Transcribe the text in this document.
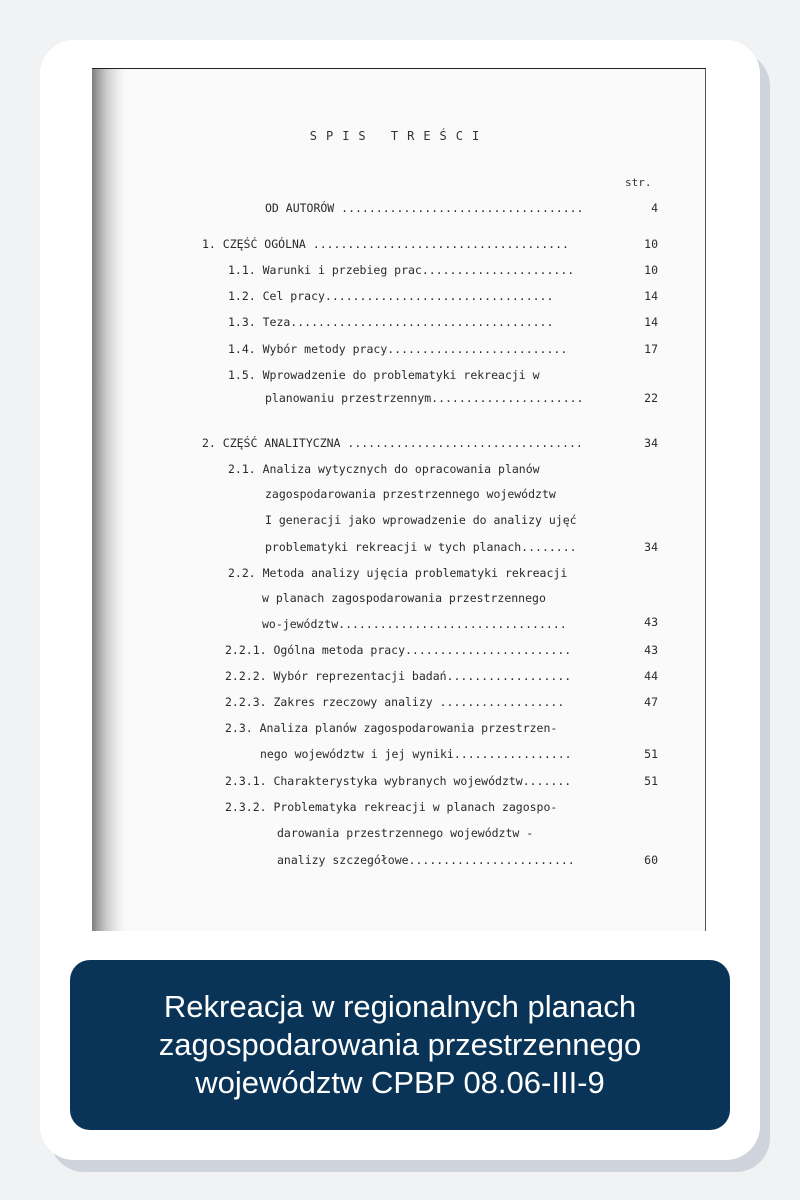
SPIS TREŚCI
str.
OD AUTORÓW ...................................	4
1. CZĘŚĆ OGÓLNA .....................................	10
1.1. Warunki i przebieg prac......................	10
1.2. Cel pracy.................................	14
1.3. Teza......................................	14
1.4. Wybór metody pracy..........................	17
1.5. Wprowadzenie do problematyki rekreacji w
planowaniu przestrzennym......................	22
2. CZĘŚĆ ANALITYCZNA ..................................	34
2.1. Analiza wytycznych do opracowania planów
zagospodarowania przestrzennego województw
I generacji jako wprowadzenie do analizy ujęć
problematyki rekreacji w tych planach........	34
2.2. Metoda analizy ujęcia problematyki rekreacji
w planach zagospodarowania przestrzennego
wo-jewództw.................................	43
2.2.1. Ogólna metoda pracy........................	43
2.2.2. Wybór reprezentacji badań..................	44
2.2.3. Zakres rzeczowy analizy ..................	47
2.3. Analiza planów zagospodarowania przestrzen-
nego województw i jej wyniki.................	51
2.3.1. Charakterystyka wybranych województw.......	51
2.3.2. Problematyka rekreacji w planach zagospo-
darowania przestrzennego województw -
analizy szczegółowe........................	60
Rekreacja w regionalnych planach zagospodarowania przestrzennego województw CPBP 08.06-III-9
